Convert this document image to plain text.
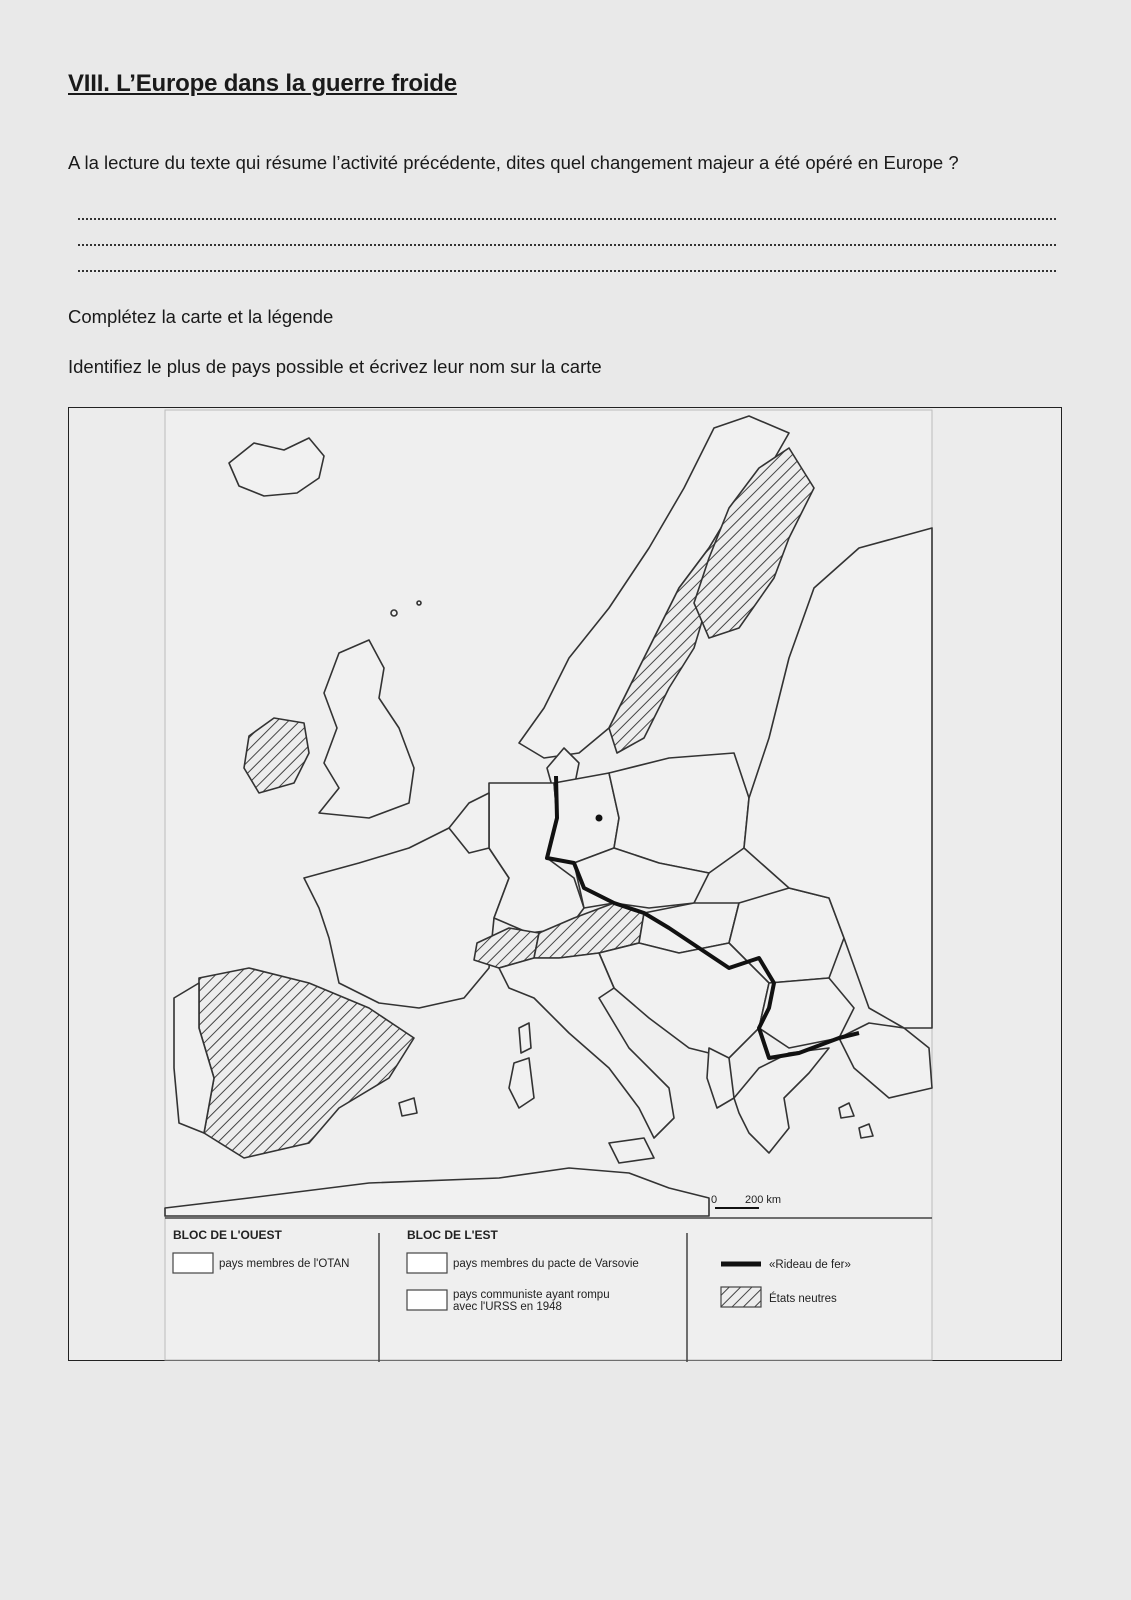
VIII. L’Europe dans la guerre froide

A la lecture du texte qui résume l’activité précédente, dites quel changement majeur a été opéré en Europe ?

Complétez la carte et la légende

Identifiez le plus de pays possible et écrivez leur nom sur la carte

0	200 km
BLOC DE L'OUEST
pays membres de l'OTAN
BLOC DE L'EST
pays membres du pacte de Varsovie
pays communiste ayant rompu
avec l'URSS en 1948
«Rideau de fer»
États neutres
